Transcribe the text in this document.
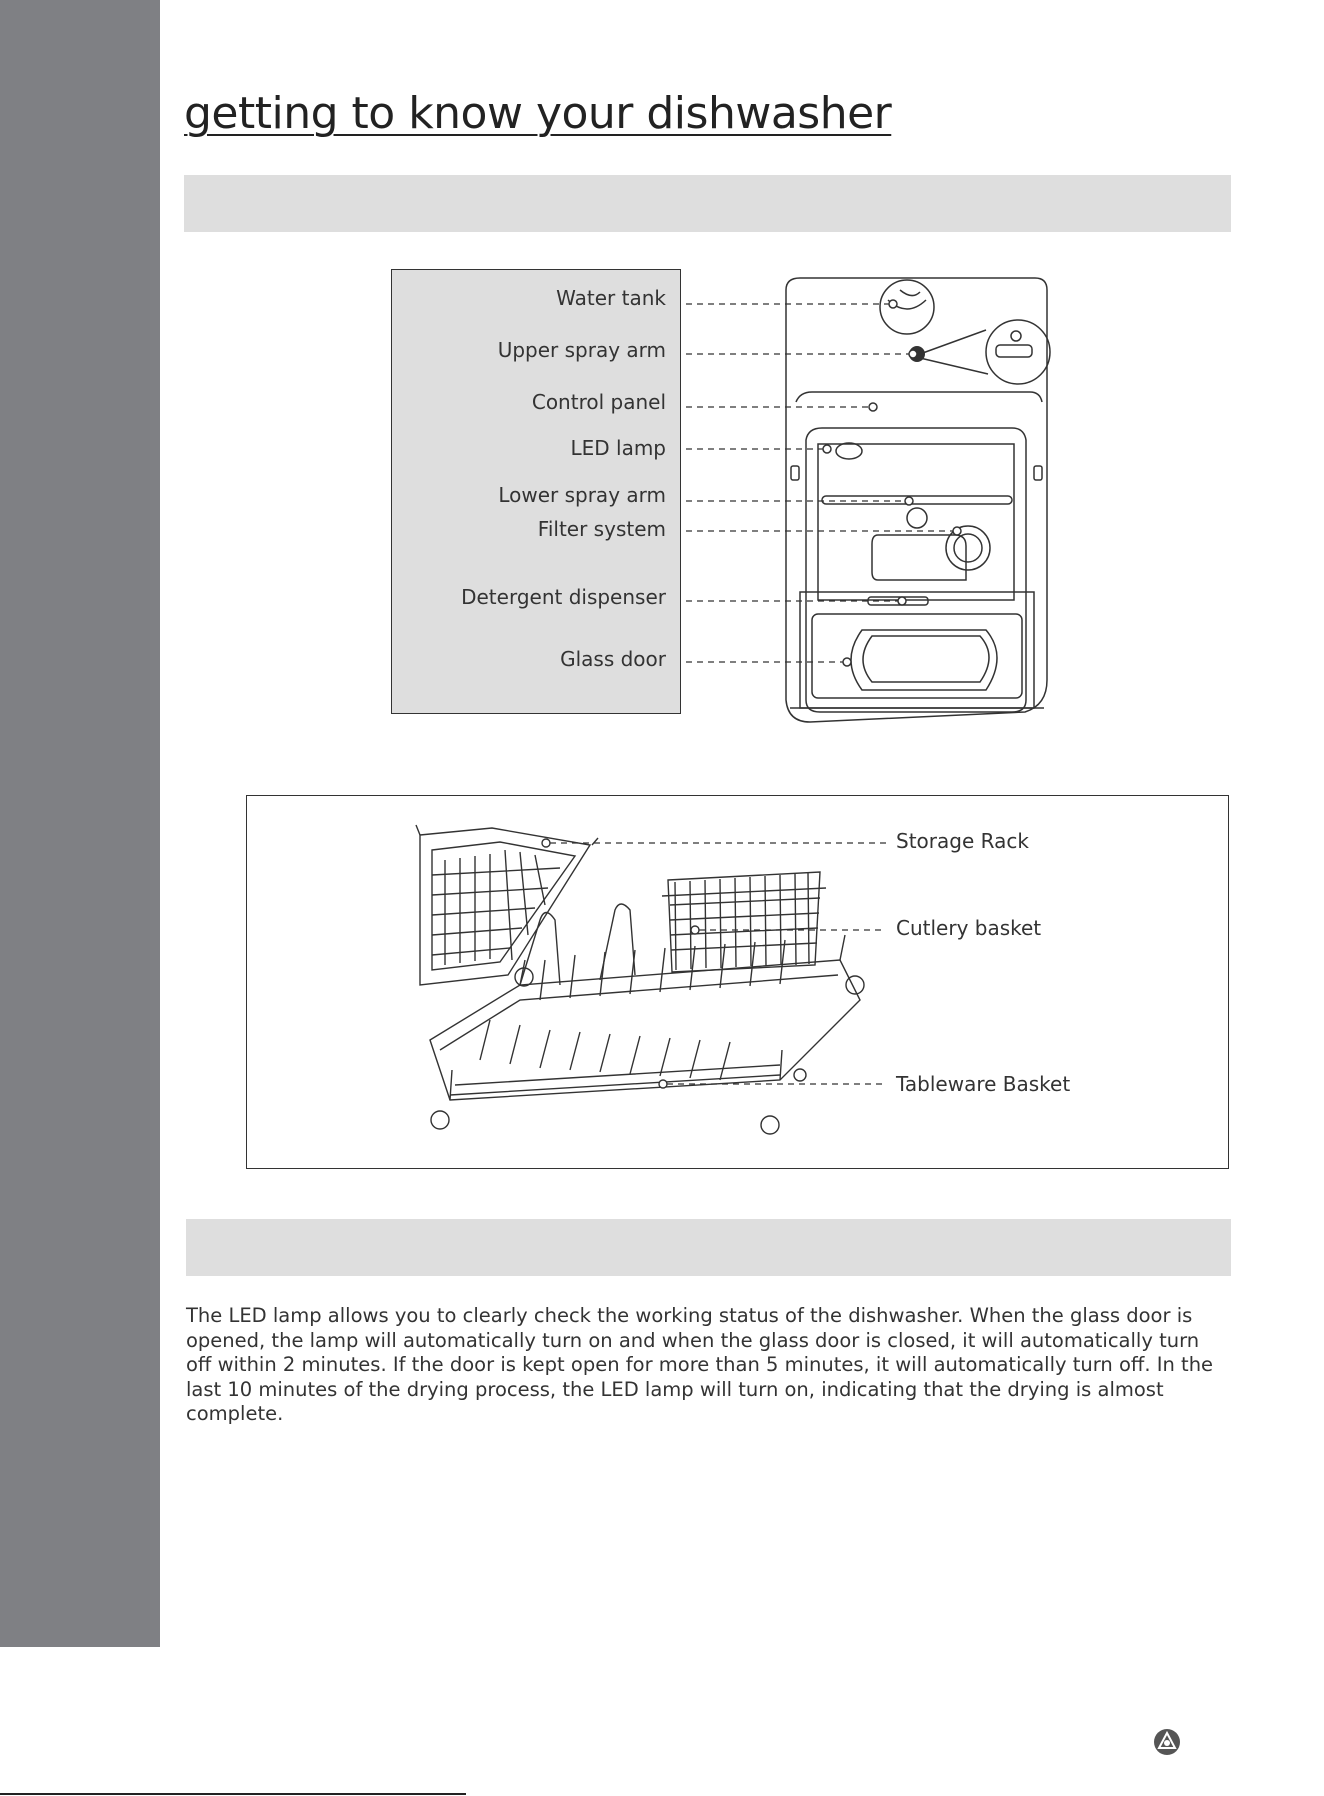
getting to know your dishwasher
Water tank
Upper spray arm
Control panel
LED lamp
Lower spray arm
Filter system
Detergent dispenser
Glass door
Storage Rack
Cutlery basket
Tableware Basket

The LED lamp allows you to clearly check the working status of the dishwasher. When the glass door is opened, the lamp will automatically turn on and when the glass door is closed, it will automatically turn off within 2 minutes. If the door is kept open for more than 5 minutes, it will automatically turn off. In the last 10 minutes of the drying process, the LED lamp will turn on, indicating that the drying is almost complete.
